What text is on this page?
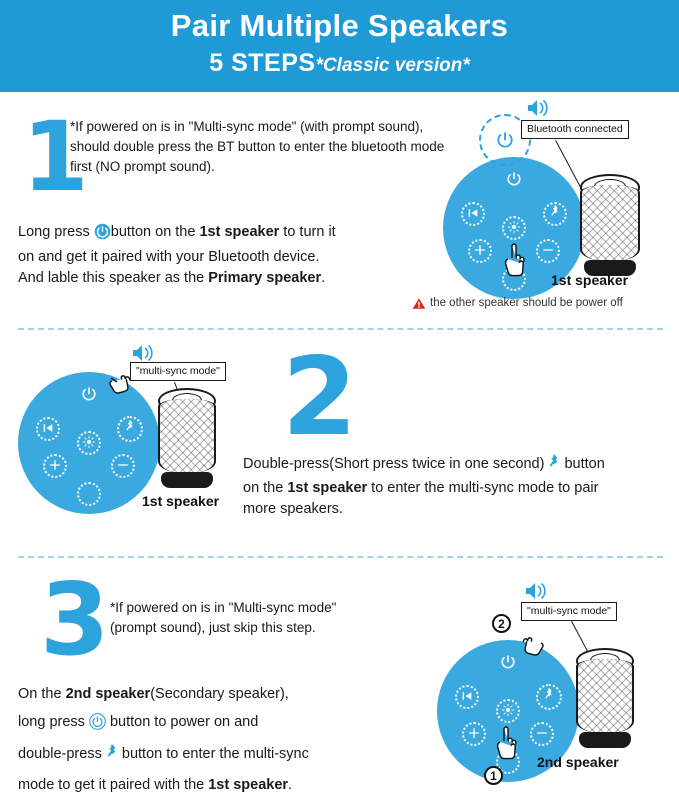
Pair Multiple Speakers
5 STEPS*Classic version*
1
*If powered on is in "Multi-sync mode" (with prompt sound), should double press the BT button to enter the bluetooth mode first (NO prompt sound).
Long press button on the 1st speaker to turn it
on and get it paired with your Bluetooth device.
And lable this speaker as the Primary speaker.
Bluetooth connected
1st speaker
the other speaker should be power off
"multi-sync mode"
1st speaker
2
Double-press(Short press twice in one second)  button
on the 1st speaker to enter the multi-sync mode to pair
more speakers.
3 *If powered on is in "Multi-sync mode"
(prompt sound), just skip this step.
On the 2nd speaker(Secondary speaker),
long press  button to power on and
double-press  button to enter the multi-sync
mode to get it paired with the 1st speaker.
2
1
"multi-sync mode"
2nd speaker
